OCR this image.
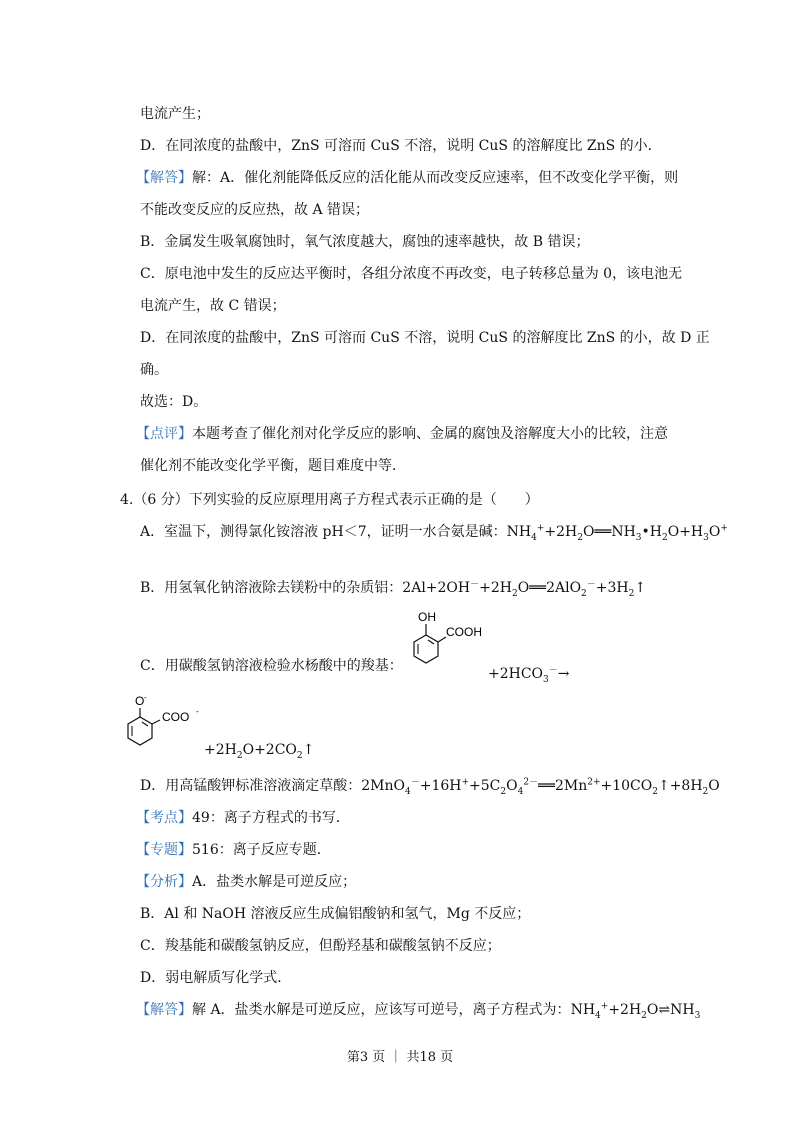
电流产生；
D．在同浓度的盐酸中，ZnS 可溶而 CuS 不溶，说明 CuS 的溶解度比 ZnS 的小．
【解答】解：A．催化剂能降低反应的活化能从而改变反应速率，但不改变化学平衡，则
不能改变反应的反应热，故 A 错误；
B．金属发生吸氧腐蚀时，氧气浓度越大，腐蚀的速率越快，故 B 错误；
C．原电池中发生的反应达平衡时，各组分浓度不再改变，电子转移总量为 0，该电池无
电流产生，故 C 错误；
D．在同浓度的盐酸中，ZnS 可溶而 CuS 不溶，说明 CuS 的溶解度比 ZnS 的小，故 D 正
确。
故选：D。
【点评】本题考查了催化剂对化学反应的影响、金属的腐蚀及溶解度大小的比较，注意
催化剂不能改变化学平衡，题目难度中等．
4.（6 分）下列实验的反应原理用离子方程式表示正确的是（　　）
A．室温下，测得氯化铵溶液 pH＜7，证明一水合氨是碱：$NH_4^++2H_2O══NH_3•H_2O+H_3O^+$
B．用氢氧化钠溶液除去镁粉中的杂质铝：$2Al+2OH^-+2H_2O══2AlO_2^-+3H_2↑$
C．用碳酸氢钠溶液检验水杨酸中的羧基：
OH
COOH
$+2HCO_3^-\to$
O -
COO -
$+2H_2O+2CO_2↑$
D．用高锰酸钾标准溶液滴定草酸：$2MnO_4^-+16H^++5C_2O_4^{2-}══2Mn^{2+}+10CO_2↑+8H_2O$
【考点】49：离子方程式的书写．
【专题】516：离子反应专题．
【分析】A．盐类水解是可逆反应；
B．Al 和 NaOH 溶液反应生成偏铝酸钠和氢气，Mg 不反应；
C．羧基能和碳酸氢钠反应，但酚羟基和碳酸氢钠不反应；
D．弱电解质写化学式．
【解答】解 A．盐类水解是可逆反应，应该写可逆号，离子方程式为：$NH_4^++2H_2O\rightleftharpoons NH_3$
第3 页 ｜ 共18 页
